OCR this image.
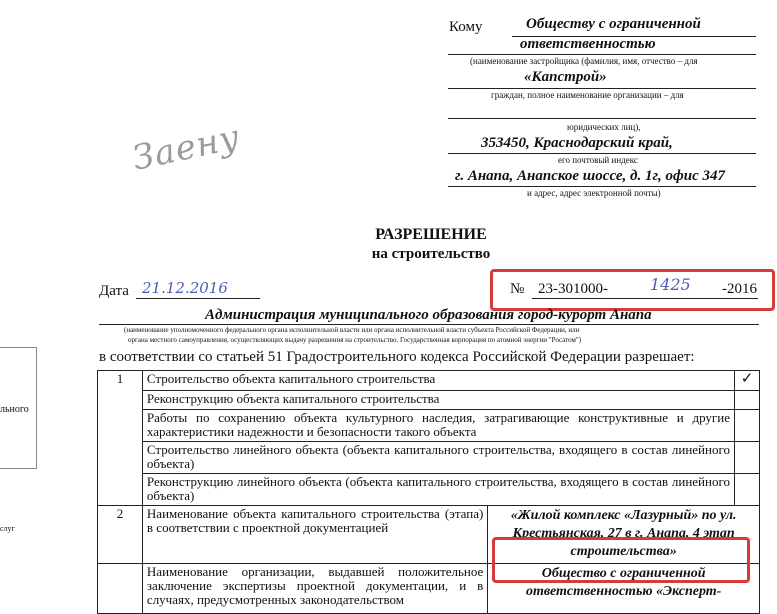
льного
слуг
Кому	Обществу с ограниченной
ответственностью
(наименование застройщика (фамилия, имя, отчество – для
«Капстрой»
граждан, полное наименование организации – для
юридических лиц),
353450, Краснодарский край,
его почтовый индекс
г. Анапа, Анапское шоссе, д. 1г, офис 347
и адрес, адрес электронной почты)
Заену
РАЗРЕШЕНИЕ
на строительство
Дата 21.12.2016	№ 23-301000-	1425 -2016
Администрация муниципального образования город-курорт Анапа
(наименование уполномоченного федерального органа исполнительной власти или органа исполнительной власти субъекта Российской Федерации, или
органа местного самоуправления, осуществляющих выдачу разрешения на строительство. Государственная корпорация по атомной энергии "Росатом")
в соответствии со статьей 51 Градостроительного кодекса Российской Федерации разрешает:
1	Строительство объекта капитального строительства		✓
	Реконструкцию объекта капитального строительства		
	Работы по сохранению объекта культурного наследия, затрагивающие конструктивные и другие характеристики надежности и безопасности такого объекта		
	Строительство линейного объекта (объекта капитального строительства, входящего в состав линейного объекта)		
	Реконструкцию линейного объекта (объекта капитального строительства, входящего в состав линейного объекта)		
2	Наименование объекта капитального строительства (этапа) в соответствии с проектной документацией	«Жилой комплекс «Лазурный» по ул. Крестьянская, 27 в г. Анапа, 4 этап строительства»	
	Наименование организации, выдавшей положительное заключение экспертизы проектной документации, и в случаях, предусмотренных законодательством	Общество с ограниченной ответственностью «Эксперт-	
